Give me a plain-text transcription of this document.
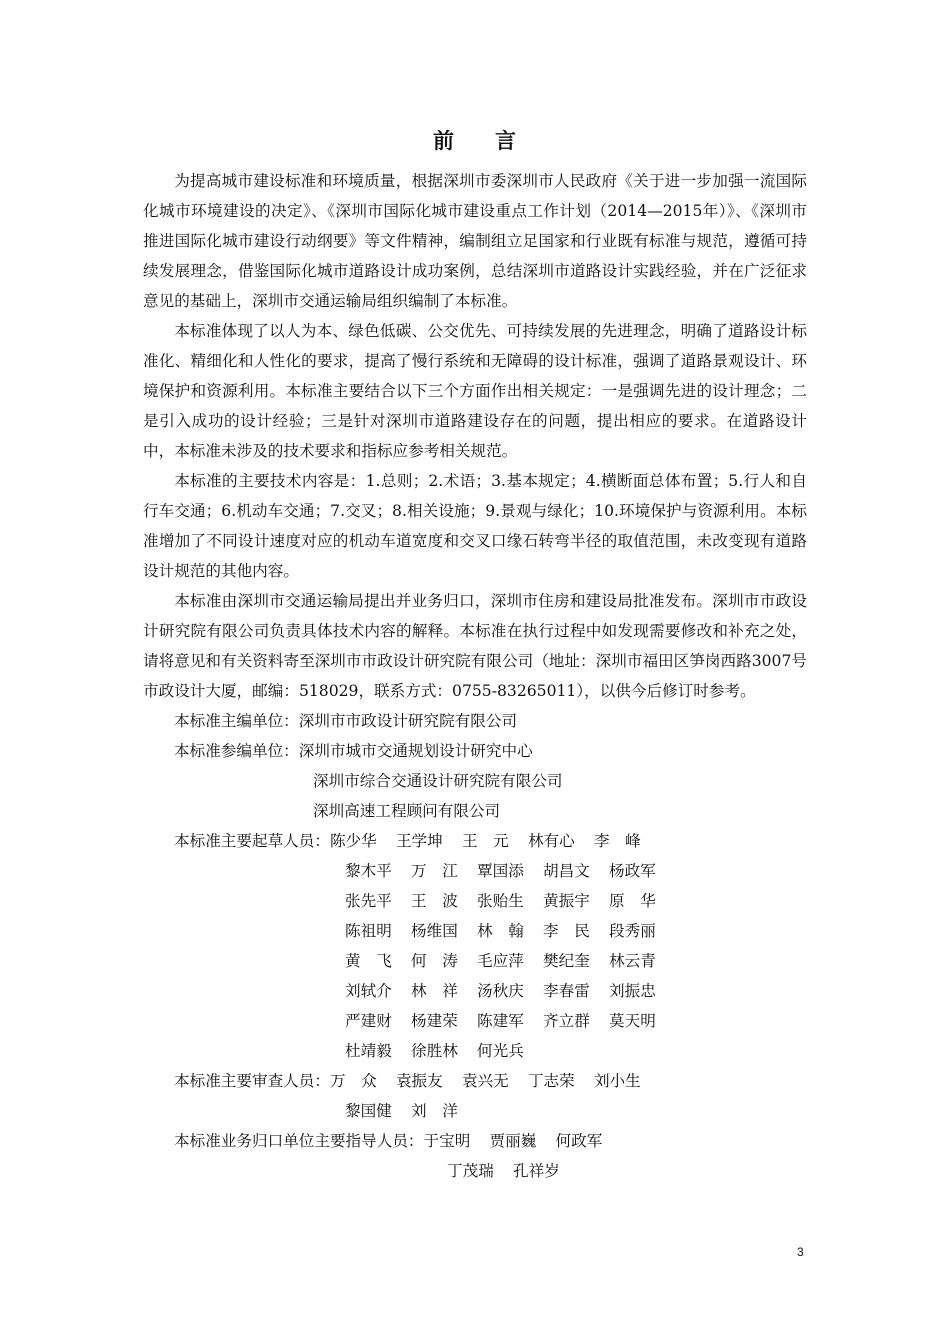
前 言

为提高城市建设标准和环境质量，根据深圳市委深圳市人民政府《关于进一步加强一流国际化城市环境建设的决定》、《深圳市国际化城市建设重点工作计划（2014—2015年）》、《深圳市推进国际化城市建设行动纲要》等文件精神，编制组立足国家和行业既有标准与规范，遵循可持续发展理念，借鉴国际化城市道路设计成功案例，总结深圳市道路设计实践经验，并在广泛征求意见的基础上，深圳市交通运输局组织编制了本标准。

本标准体现了以人为本、绿色低碳、公交优先、可持续发展的先进理念，明确了道路设计标准化、精细化和人性化的要求，提高了慢行系统和无障碍的设计标准，强调了道路景观设计、环境保护和资源利用。本标准主要结合以下三个方面作出相关规定：一是强调先进的设计理念；二是引入成功的设计经验；三是针对深圳市道路建设存在的问题，提出相应的要求。在道路设计中，本标准未涉及的技术要求和指标应参考相关规范。

本标准的主要技术内容是：1.总则；2.术语；3.基本规定；4.横断面总体布置；5.行人和自行车交通；6.机动车交通；7.交叉；8.相关设施；9.景观与绿化；10.环境保护与资源利用。本标准增加了不同设计速度对应的机动车道宽度和交叉口缘石转弯半径的取值范围，未改变现有道路设计规范的其他内容。

本标准由深圳市交通运输局提出并业务归口，深圳市住房和建设局批准发布。深圳市市政设计研究院有限公司负责具体技术内容的解释。本标准在执行过程中如发现需要修改和补充之处，请将意见和有关资料寄至深圳市市政设计研究院有限公司（地址：深圳市福田区笋岗西路3007号市政设计大厦，邮编：518029，联系方式：0755-83265011），以供今后修订时参考。

本标准主编单位： 深圳市市政设计研究院有限公司
本标准参编单位： 深圳市城市交通规划设计研究中心
深圳市综合交通设计研究院有限公司
深圳高速工程顾问有限公司
本标准主要起草人员： 陈少华	王学坤	王　元	林有心	李　峰
黎木平	万　江	覃国添	胡昌文	杨政军
张先平	王　波	张贻生	黄振宇	原　华
陈祖明	杨维国	林　翰	李　民	段秀丽
黄　飞	何　涛	毛应萍	樊纪奎	林云青
刘轼介	林　祥	汤秋庆	李春雷	刘振忠
严建财	杨建荣	陈建军	齐立群	莫天明
杜靖毅	徐胜林	何光兵
本标准主要审查人员： 万　众	袁振友	袁兴无	丁志荣	刘小生
黎国健	刘　洋
本标准业务归口单位主要指导人员： 于宝明	贾丽巍	何政军
丁茂瑞	孔祥岁
3
